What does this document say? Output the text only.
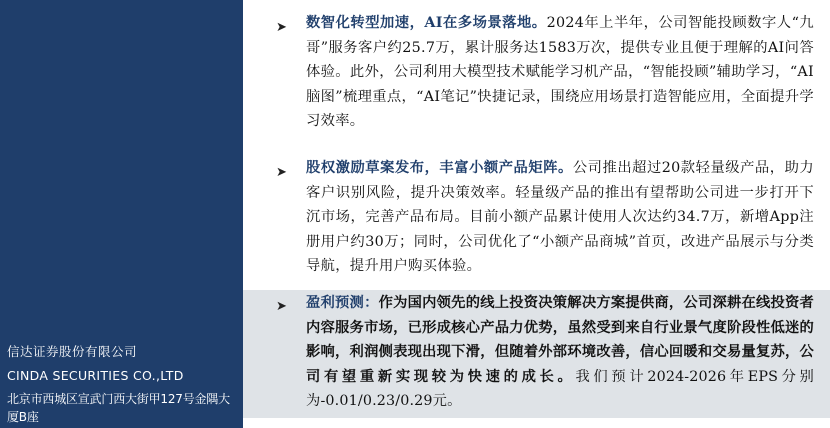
信达证券股份有限公司
CINDA SECURITIES CO.,LTD
北京市西城区宣武门西大街甲127号金隅大厦B座
➤ 数智化转型加速，AI在多场景落地。2024年上半年，公司智能投顾数字人“九哥”服务客户约25.7万，累计服务达1583万次，提供专业且便于理解的AI问答体验。此外，公司利用大模型技术赋能学习机产品，“智能投顾”辅助学习，“AI脑图”梳理重点，“AI笔记”快捷记录，围绕应用场景打造智能应用，全面提升学习效率。

➤ 股权激励草案发布，丰富小额产品矩阵。公司推出超过20款轻量级产品，助力客户识别风险，提升决策效率。轻量级产品的推出有望帮助公司进一步打开下沉市场，完善产品布局。目前小额产品累计使用人次达约34.7万，新增App注册用户约30万；同时，公司优化了“小额产品商城”首页，改进产品展示与分类导航，提升用户购买体验。

➤ 盈利预测：作为国内领先的线上投资决策解决方案提供商，公司深耕在线投资者内容服务市场，已形成核心产品力优势，虽然受到来自行业景气度阶段性低迷的影响，利润侧表现出现下滑，但随着外部环境改善，信心回暖和交易量复苏，公司有望重新实现较为快速的成长。我们预计2024-2026年EPS分别为-0.01/0.23/0.29元。
